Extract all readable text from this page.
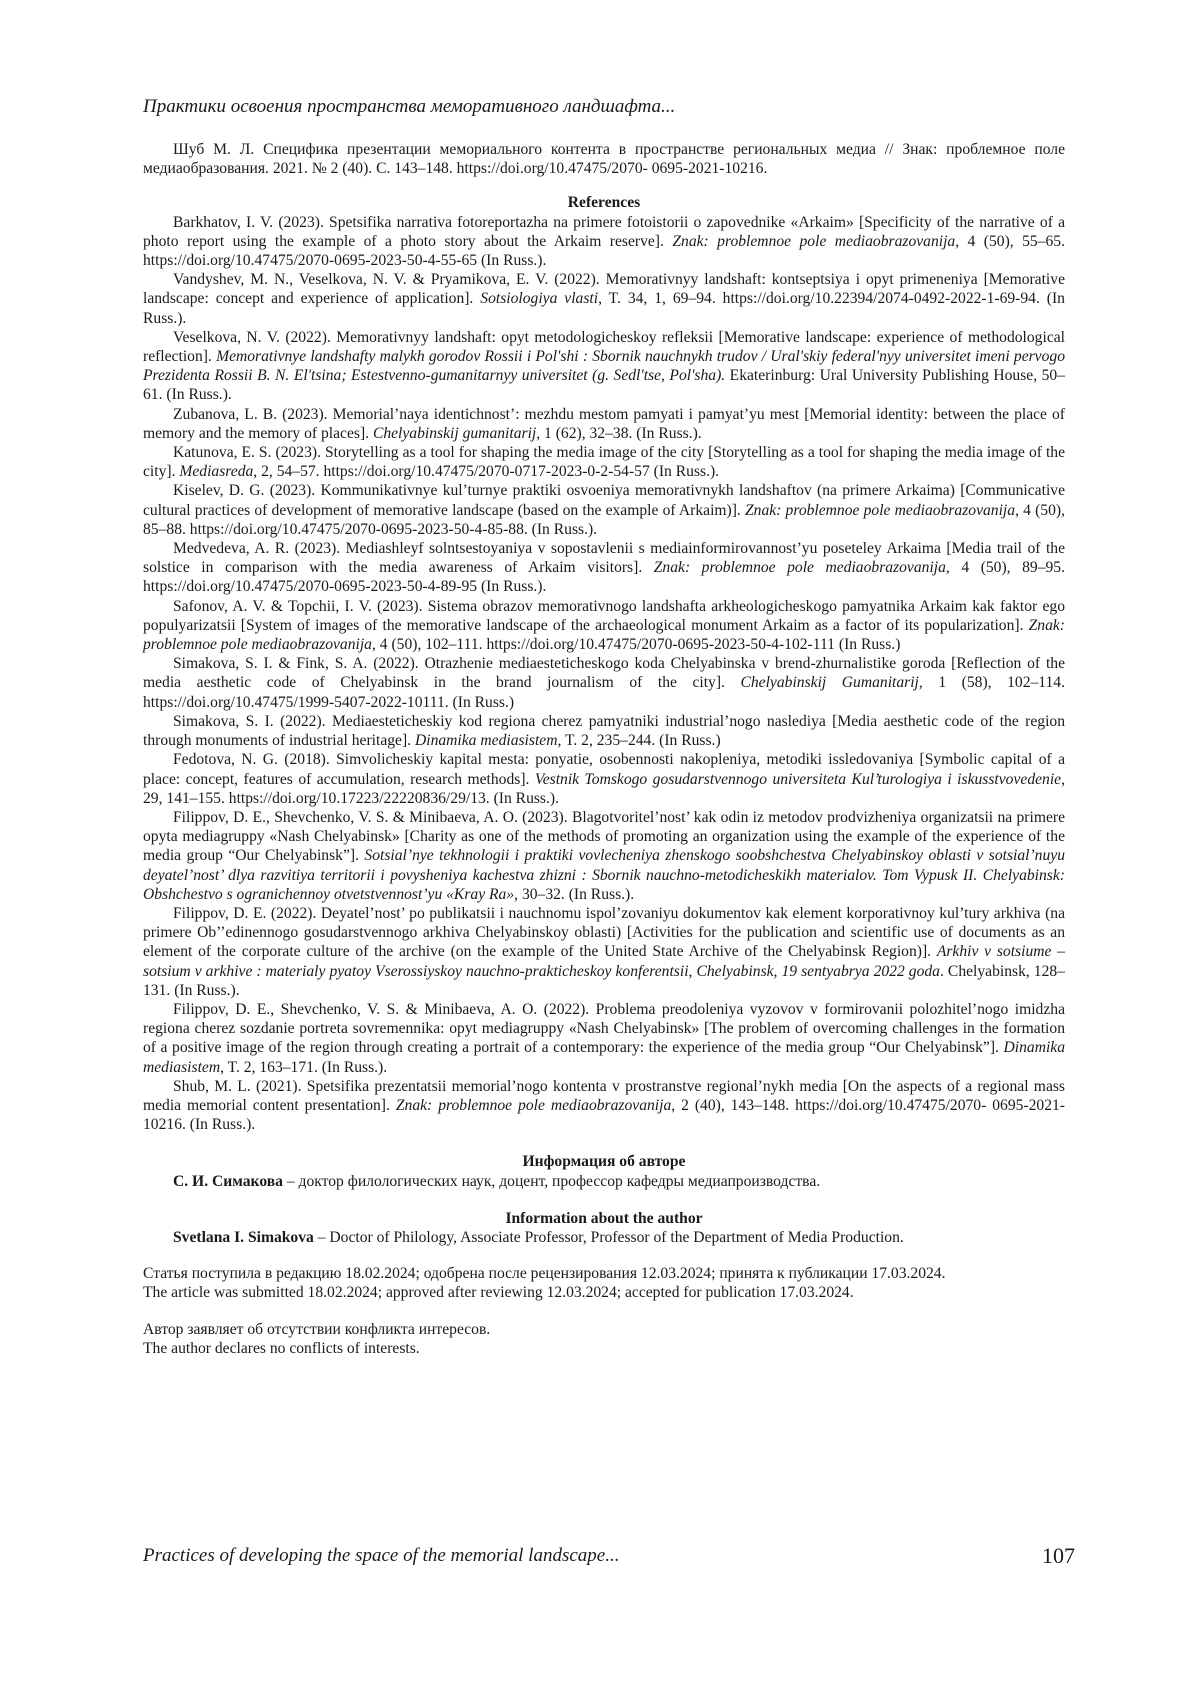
Практики освоения пространства меморативного ландшафта...

Шуб М. Л. Специфика презентации мемориального контента в пространстве региональных медиа // Знак: проблемное поле медиаобразования. 2021. № 2 (40). С. 143–148. https://doi.org/10.47475/2070- 0695-2021-10216.

References

Barkhatov, I. V. (2023). Spetsifika narrativa fotoreportazha na primere fotoistorii o zapovednike «Arkaim» [Specificity of the narrative of a photo report using the example of a photo story about the Arkaim reserve]. Znak: problemnoe pole mediaobrazovanija, 4 (50), 55–65. https://doi.org/10.47475/2070-0695-2023-50-4-55-65 (In Russ.).

Vandyshev, M. N., Veselkova, N. V. & Pryamikova, E. V. (2022). Memorativnyy landshaft: kontseptsiya i opyt primeneniya [Memorative landscape: concept and experience of application]. Sotsiologiya vlasti, T. 34, 1, 69–94. https://doi.org/10.22394/2074-0492-2022-1-69-94. (In Russ.).

Veselkova, N. V. (2022). Memorativnyy landshaft: opyt metodologicheskoy refleksii [Memorative landscape: experience of methodological reflection]. Memorativnye landshafty malykh gorodov Rossii i Pol'shi : Sbornik nauchnykh trudov / Ural'skiy federal'nyy universitet imeni pervogo Prezidenta Rossii B. N. El'tsina; Estestvenno-gumanitarnyy universitet (g. Sedl'tse, Pol'sha). Ekaterinburg: Ural University Publishing House, 50–61. (In Russ.).

Zubanova, L. B. (2023). Memorial’naya identichnost’: mezhdu mestom pamyati i pamyat’yu mest [Memorial identity: between the place of memory and the memory of places]. Chelyabinskij gumanitarij, 1 (62), 32–38. (In Russ.).

Katunova, E. S. (2023). Storytelling as a tool for shaping the media image of the city [Storytelling as a tool for shaping the media image of the city]. Mediasreda, 2, 54–57. https://doi.org/10.47475/2070-0717-2023-0-2-54-57 (In Russ.).

Kiselev, D. G. (2023). Kommunikativnye kul’turnye praktiki osvoeniya memorativnykh landshaftov (na primere Arkaima) [Communicative cultural practices of development of memorative landscape (based on the example of Arkaim)]. Znak: problemnoe pole mediaobrazovanija, 4 (50), 85–88. https://doi.org/10.47475/2070-0695-2023-50-4-85-88. (In Russ.).

Medvedeva, A. R. (2023). Mediashleyf solntsestoyaniya v sopostavlenii s mediainformirovannost’yu poseteley Arkaima [Media trail of the solstice in comparison with the media awareness of Arkaim visitors]. Znak: problemnoe pole mediaobrazovanija, 4 (50), 89–95. https://doi.org/10.47475/2070-0695-2023-50-4-89-95 (In Russ.).

Safonov, A. V. & Topchii, I. V. (2023). Sistema obrazov memorativnogo landshafta arkheologicheskogo pamyatnika Arkaim kak faktor ego populyarizatsii [System of images of the memorative landscape of the archaeological monument Arkaim as a factor of its popularization]. Znak: problemnoe pole mediaobrazovanija, 4 (50), 102–111. https://doi.org/10.47475/2070-0695-2023-50-4-102-111 (In Russ.)

Simakova, S. I. & Fink, S. A. (2022). Otrazhenie mediaesteticheskogo koda Chelyabinska v brend-zhurnalistike goroda [Reflection of the media aesthetic code of Chelyabinsk in the brand journalism of the city]. Chelyabinskij Gumanitarij, 1 (58), 102–114. https://doi.org/10.47475/1999-5407-2022-10111. (In Russ.)

Simakova, S. I. (2022). Mediaesteticheskiy kod regiona cherez pamyatniki industrial’nogo naslediya [Media aesthetic code of the region through monuments of industrial heritage]. Dinamika mediasistem, T. 2, 235–244. (In Russ.)

Fedotova, N. G. (2018). Simvolicheskiy kapital mesta: ponyatie, osobennosti nakopleniya, metodiki issledovaniya [Symbolic capital of a place: concept, features of accumulation, research methods]. Vestnik Tomskogo gosudarstvennogo universiteta Kul’turologiya i iskusstvovedenie, 29, 141–155. https://doi.org/10.17223/22220836/29/13. (In Russ.).

Filippov, D. E., Shevchenko, V. S. & Minibaeva, A. O. (2023). Blagotvoritel’nost’ kak odin iz metodov prodvizheniya organizatsii na primere opyta mediagruppy «Nash Chelyabinsk» [Charity as one of the methods of promoting an organization using the example of the experience of the media group “Our Chelyabinsk”]. Sotsial’nye tekhnologii i praktiki vovlecheniya zhenskogo soobshchestva Chelyabinskoy oblasti v sotsial’nuyu deyatel’nost’ dlya razvitiya territorii i povysheniya kachestva zhizni : Sbornik nauchno-metodicheskikh materialov. Tom Vypusk II. Chelyabinsk: Obshchestvo s ogranichennoy otvetstvennost’yu «Kray Ra», 30–32. (In Russ.).

Filippov, D. E. (2022). Deyatel’nost’ po publikatsii i nauchnomu ispol’zovaniyu dokumentov kak element korporativnoy kul’tury arkhiva (na primere Ob’’edinennogo gosudarstvennogo arkhiva Chelyabinskoy oblasti) [Activities for the publication and scientific use of documents as an element of the corporate culture of the archive (on the example of the United State Archive of the Chelyabinsk Region)]. Arkhiv v sotsiume – sotsium v arkhive : materialy pyatoy Vserossiyskoy nauchno-prakticheskoy konferentsii, Chelyabinsk, 19 sentyabrya 2022 goda. Chelyabinsk, 128–131. (In Russ.).

Filippov, D. E., Shevchenko, V. S. & Minibaeva, A. O. (2022). Problema preodoleniya vyzovov v formirovanii polozhitel’nogo imidzha regiona cherez sozdanie portreta sovremennika: opyt mediagruppy «Nash Chelyabinsk» [The problem of overcoming challenges in the formation of a positive image of the region through creating a portrait of a contemporary: the experience of the media group “Our Chelyabinsk”]. Dinamika mediasistem, T. 2, 163–171. (In Russ.).

Shub, M. L. (2021). Spetsifika prezentatsii memorial’nogo kontenta v prostranstve regional’nykh media [On the aspects of a regional mass media memorial content presentation]. Znak: problemnoe pole mediaobrazovanija, 2 (40), 143–148. https://doi.org/10.47475/2070- 0695-2021-10216. (In Russ.).

Информация об авторе

С. И. Симакова – доктор филологических наук, доцент, профессор кафедры медиапроизводства.

Information about the author

Svetlana I. Simakova – Doctor of Philology, Associate Professor, Professor of the Department of Media Production.

Статья поступила в редакцию 18.02.2024; одобрена после рецензирования 12.03.2024; принята к публикации 17.03.2024.

The article was submitted 18.02.2024; approved after reviewing 12.03.2024; accepted for publication 17.03.2024.

Автор заявляет об отсутствии конфликта интересов.

The author declares no conflicts of interests.

Practices of developing the space of the memorial landscape...	107
